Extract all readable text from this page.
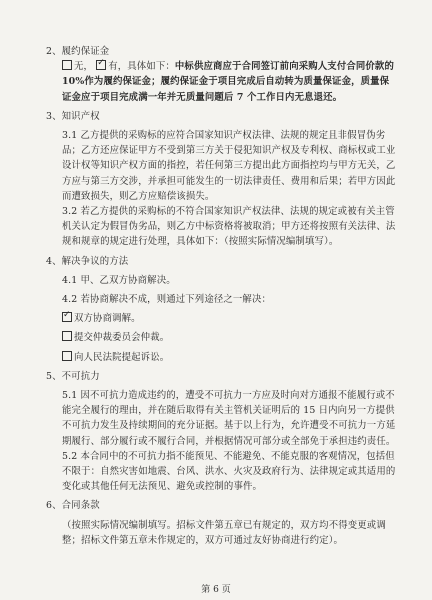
2、履约保证金

无， ✓ 有，具体如下：中标供应商应于合同签订前向采购人支付合同价款的 10%作为履约保证金；履约保证金于项目完成后自动转为质量保证金，质量保证金应于项目完成满一年并无质量问题后 7 个工作日内无息退还。

3、知识产权

3.1 乙方提供的采购标的应符合国家知识产权法律、法规的规定且非假冒伪劣品；乙方还应保证甲方不受到第三方关于侵犯知识产权及专利权、商标权或工业设计权等知识产权方面的指控，若任何第三方提出此方面指控均与甲方无关，乙方应与第三方交涉，并承担可能发生的一切法律责任、费用和后果；若甲方因此而遭致损失，则乙方应赔偿该损失。

3.2 若乙方提供的采购标的不符合国家知识产权法律、法规的规定或被有关主管机关认定为假冒伪劣品，则乙方中标资格将被取消；甲方还将按照有关法律、法规和规章的规定进行处理，具体如下：（按照实际情况编制填写）。

4、解决争议的方法

4.1 甲、乙双方协商解决。

4.2 若协商解决不成，则通过下列途径之一解决：

✓双方协商调解。

提交仲裁委员会仲裁。

向人民法院提起诉讼。

5、不可抗力

5.1 因不可抗力造成违约的，遭受不可抗力一方应及时向对方通报不能履行或不能完全履行的理由，并在随后取得有关主管机关证明后的 15 日内向另一方提供不可抗力发生及持续期间的充分证据。基于以上行为，允许遭受不可抗力一方延期履行、部分履行或不履行合同，并根据情况可部分或全部免于承担违约责任。

5.2 本合同中的不可抗力指不能预见、不能避免、不能克服的客观情况，包括但不限于：自然灾害如地震、台风、洪水、火灾及政府行为、法律规定或其适用的变化或其他任何无法预见、避免或控制的事件。

6、合同条款

（按照实际情况编制填写。招标文件第五章已有规定的，双方均不得变更或调整；招标文件第五章未作规定的，双方可通过友好协商进行约定）。

第 6 页
